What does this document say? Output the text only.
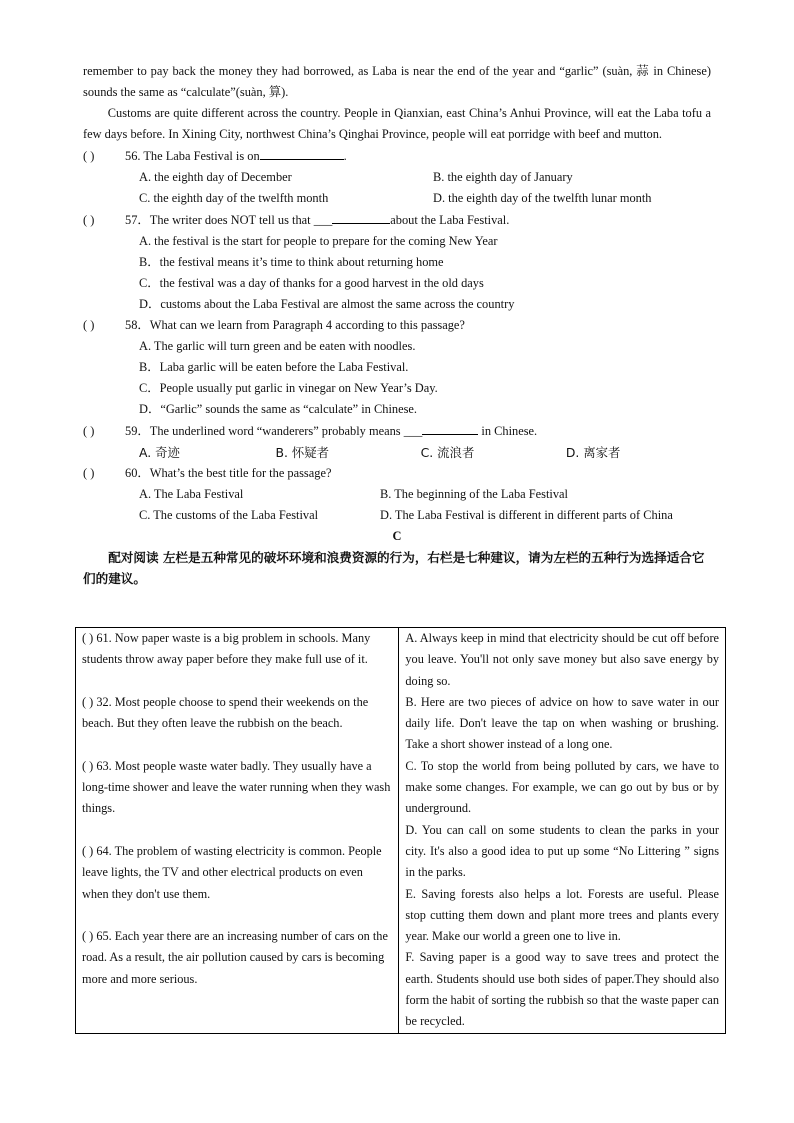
remember to pay back the money they had borrowed, as Laba is near the end of the year and “garlic” (suàn, 蒜 in Chinese) sounds the same as “calculate”(suàn, 算).

Customs are quite different across the country. People in Qianxian, east China’s Anhui Province, will eat the Laba tofu a few days before. In Xining City, northwest China’s Qinghai Province, people will eat porridge with beef and mutton.

( ) 56. The Laba Festival is on	.

A. the eighth day of December	B. the eighth day of January
C. the eighth day of the twelfth month	D. the eighth day of the twelfth lunar month

( ) 57．The writer does NOT tell us that ___	about the Laba Festival.

A. the festival is the start for people to prepare for the coming New Year

B．the festival means it’s time to think about returning home

C．the festival was a day of thanks for a good harvest in the old days

D．customs about the Laba Festival are almost the same across the country

( ) 58．What can we learn from Paragraph 4 according to this passage?

A. The garlic will turn green and be eaten with noodles.

B．Laba garlic will be eaten before the Laba Festival.

C．People usually put garlic in vinegar on New Year’s Day.

D．“Garlic” sounds the same as “calculate” in Chinese.

( ) 59．The underlined word “wanderers” probably means ___	in Chinese.

A. 奇迹	B. 怀疑者	C. 流浪者	D. 离家者

( ) 60．What’s the best title for the passage?

A. The Laba Festival	B. The beginning of the Laba Festival
C. The customs of the Laba Festival	D. The Laba Festival is different in different parts of China

C

配对阅读 左栏是五种常见的破坏环境和浪费资源的行为，右栏是七种建议，请为左栏的五种行为选择适合它们的建议。

( ) 61. Now paper waste is a big problem in schools. Many students throw away paper before they make full use of it.

( ) 32. Most people choose to spend their weekends on the beach. But they often leave the rubbish on the beach.

( ) 63. Most people waste water badly. They usually have a long-time shower and leave the water running when they wash things.

( ) 64. The problem of wasting electricity is common. People leave lights, the TV and other electrical products on even when they don't use them.

( ) 65. Each year there are an increasing number of cars on the road. As a result, the air pollution caused by cars is becoming more and more serious.

A. Always keep in mind that electricity should be cut off before you leave. You'll not only save money but also save energy by doing so.

B. Here are two pieces of advice on how to save water in our daily life. Don't leave the tap on when washing or brushing. Take a short shower instead of a long one.

C. To stop the world from being polluted by cars, we have to make some changes. For example, we can go out by bus or by underground.

D. You can call on some students to clean the parks in your city. It's also a good idea to put up some “No Littering ” signs in the parks.

E. Saving forests also helps a lot. Forests are useful. Please stop cutting them down and plant more trees and plants every year. Make our world a green one to live in.

F. Saving paper is a good way to save trees and protect the earth. Students should use both sides of paper.They should also form the habit of sorting the rubbish so that the waste paper can be recycled.
